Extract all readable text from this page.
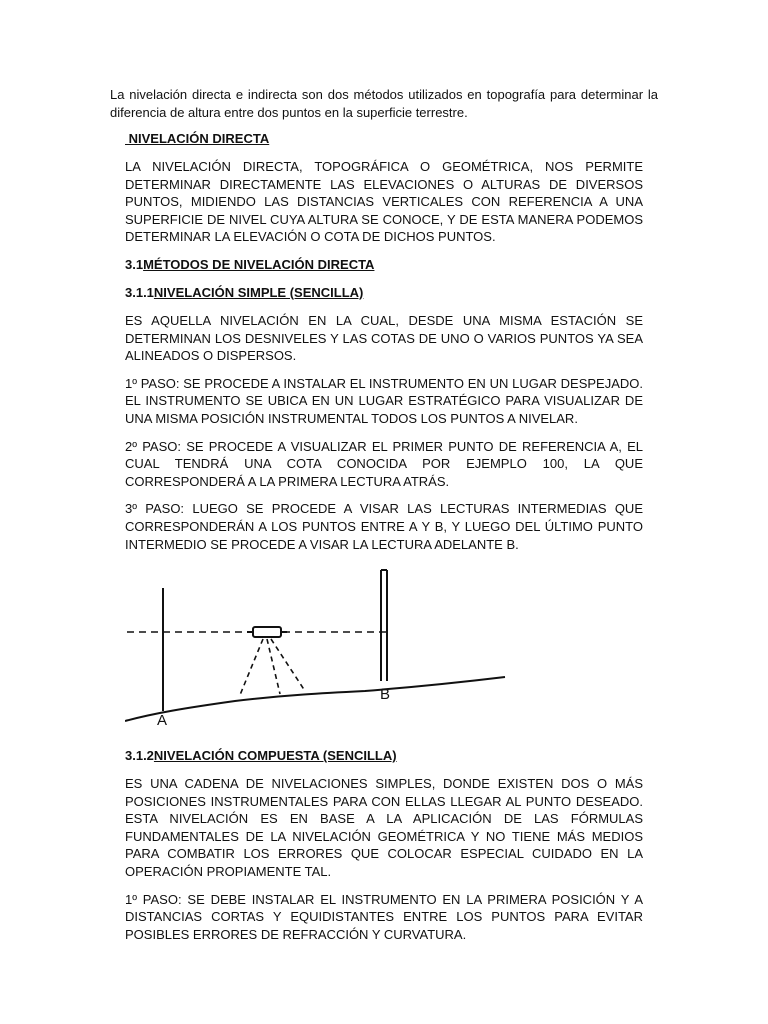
La nivelación directa e indirecta son dos métodos utilizados en topografía para determinar la diferencia de altura entre dos puntos en la superficie terrestre.

NIVELACIÓN DIRECTA

LA NIVELACIÓN DIRECTA, TOPOGRÁFICA O GEOMÉTRICA, NOS PERMITE DETERMINAR DIRECTAMENTE LAS ELEVACIONES O ALTURAS DE DIVERSOS PUNTOS, MIDIENDO LAS DISTANCIAS VERTICALES CON REFERENCIA A UNA SUPERFICIE DE NIVEL CUYA ALTURA SE CONOCE, Y DE ESTA MANERA PODEMOS DETERMINAR LA ELEVACIÓN O COTA DE DICHOS PUNTOS.

3.1MÉTODOS DE NIVELACIÓN DIRECTA

3.1.1NIVELACIÓN SIMPLE (SENCILLA)

ES AQUELLA NIVELACIÓN EN LA CUAL, DESDE UNA MISMA ESTACIÓN SE DETERMINAN LOS DESNIVELES Y LAS COTAS DE UNO O VARIOS PUNTOS YA SEA ALINEADOS O DISPERSOS.

1º PASO: SE PROCEDE A INSTALAR EL INSTRUMENTO EN UN LUGAR DESPEJADO. EL INSTRUMENTO SE UBICA EN UN LUGAR ESTRATÉGICO PARA VISUALIZAR DE UNA MISMA POSICIÓN INSTRUMENTAL TODOS LOS PUNTOS A NIVELAR.

2º PASO: SE PROCEDE A VISUALIZAR EL PRIMER PUNTO DE REFERENCIA A, EL CUAL TENDRÁ UNA COTA CONOCIDA POR EJEMPLO 100, LA QUE CORRESPONDERÁ A LA PRIMERA LECTURA ATRÁS.

3º PASO: LUEGO SE PROCEDE A VISAR LAS LECTURAS INTERMEDIAS QUE CORRESPONDERÁN A LOS PUNTOS ENTRE A Y B, Y LUEGO DEL ÚLTIMO PUNTO INTERMEDIO SE PROCEDE A VISAR LA LECTURA ADELANTE B.

A
B

3.1.2NIVELACIÓN COMPUESTA (SENCILLA)

ES UNA CADENA DE NIVELACIONES SIMPLES, DONDE EXISTEN DOS O MÁS POSICIONES INSTRUMENTALES PARA CON ELLAS LLEGAR AL PUNTO DESEADO. ESTA NIVELACIÓN ES EN BASE A LA APLICACIÓN DE LAS FÓRMULAS FUNDAMENTALES DE LA NIVELACIÓN GEOMÉTRICA Y NO TIENE MÁS MEDIOS PARA COMBATIR LOS ERRORES QUE COLOCAR ESPECIAL CUIDADO EN LA OPERACIÓN PROPIAMENTE TAL.

1º PASO: SE DEBE INSTALAR EL INSTRUMENTO EN LA PRIMERA POSICIÓN Y A DISTANCIAS CORTAS Y EQUIDISTANTES ENTRE LOS PUNTOS PARA EVITAR POSIBLES ERRORES DE REFRACCIÓN Y CURVATURA.
